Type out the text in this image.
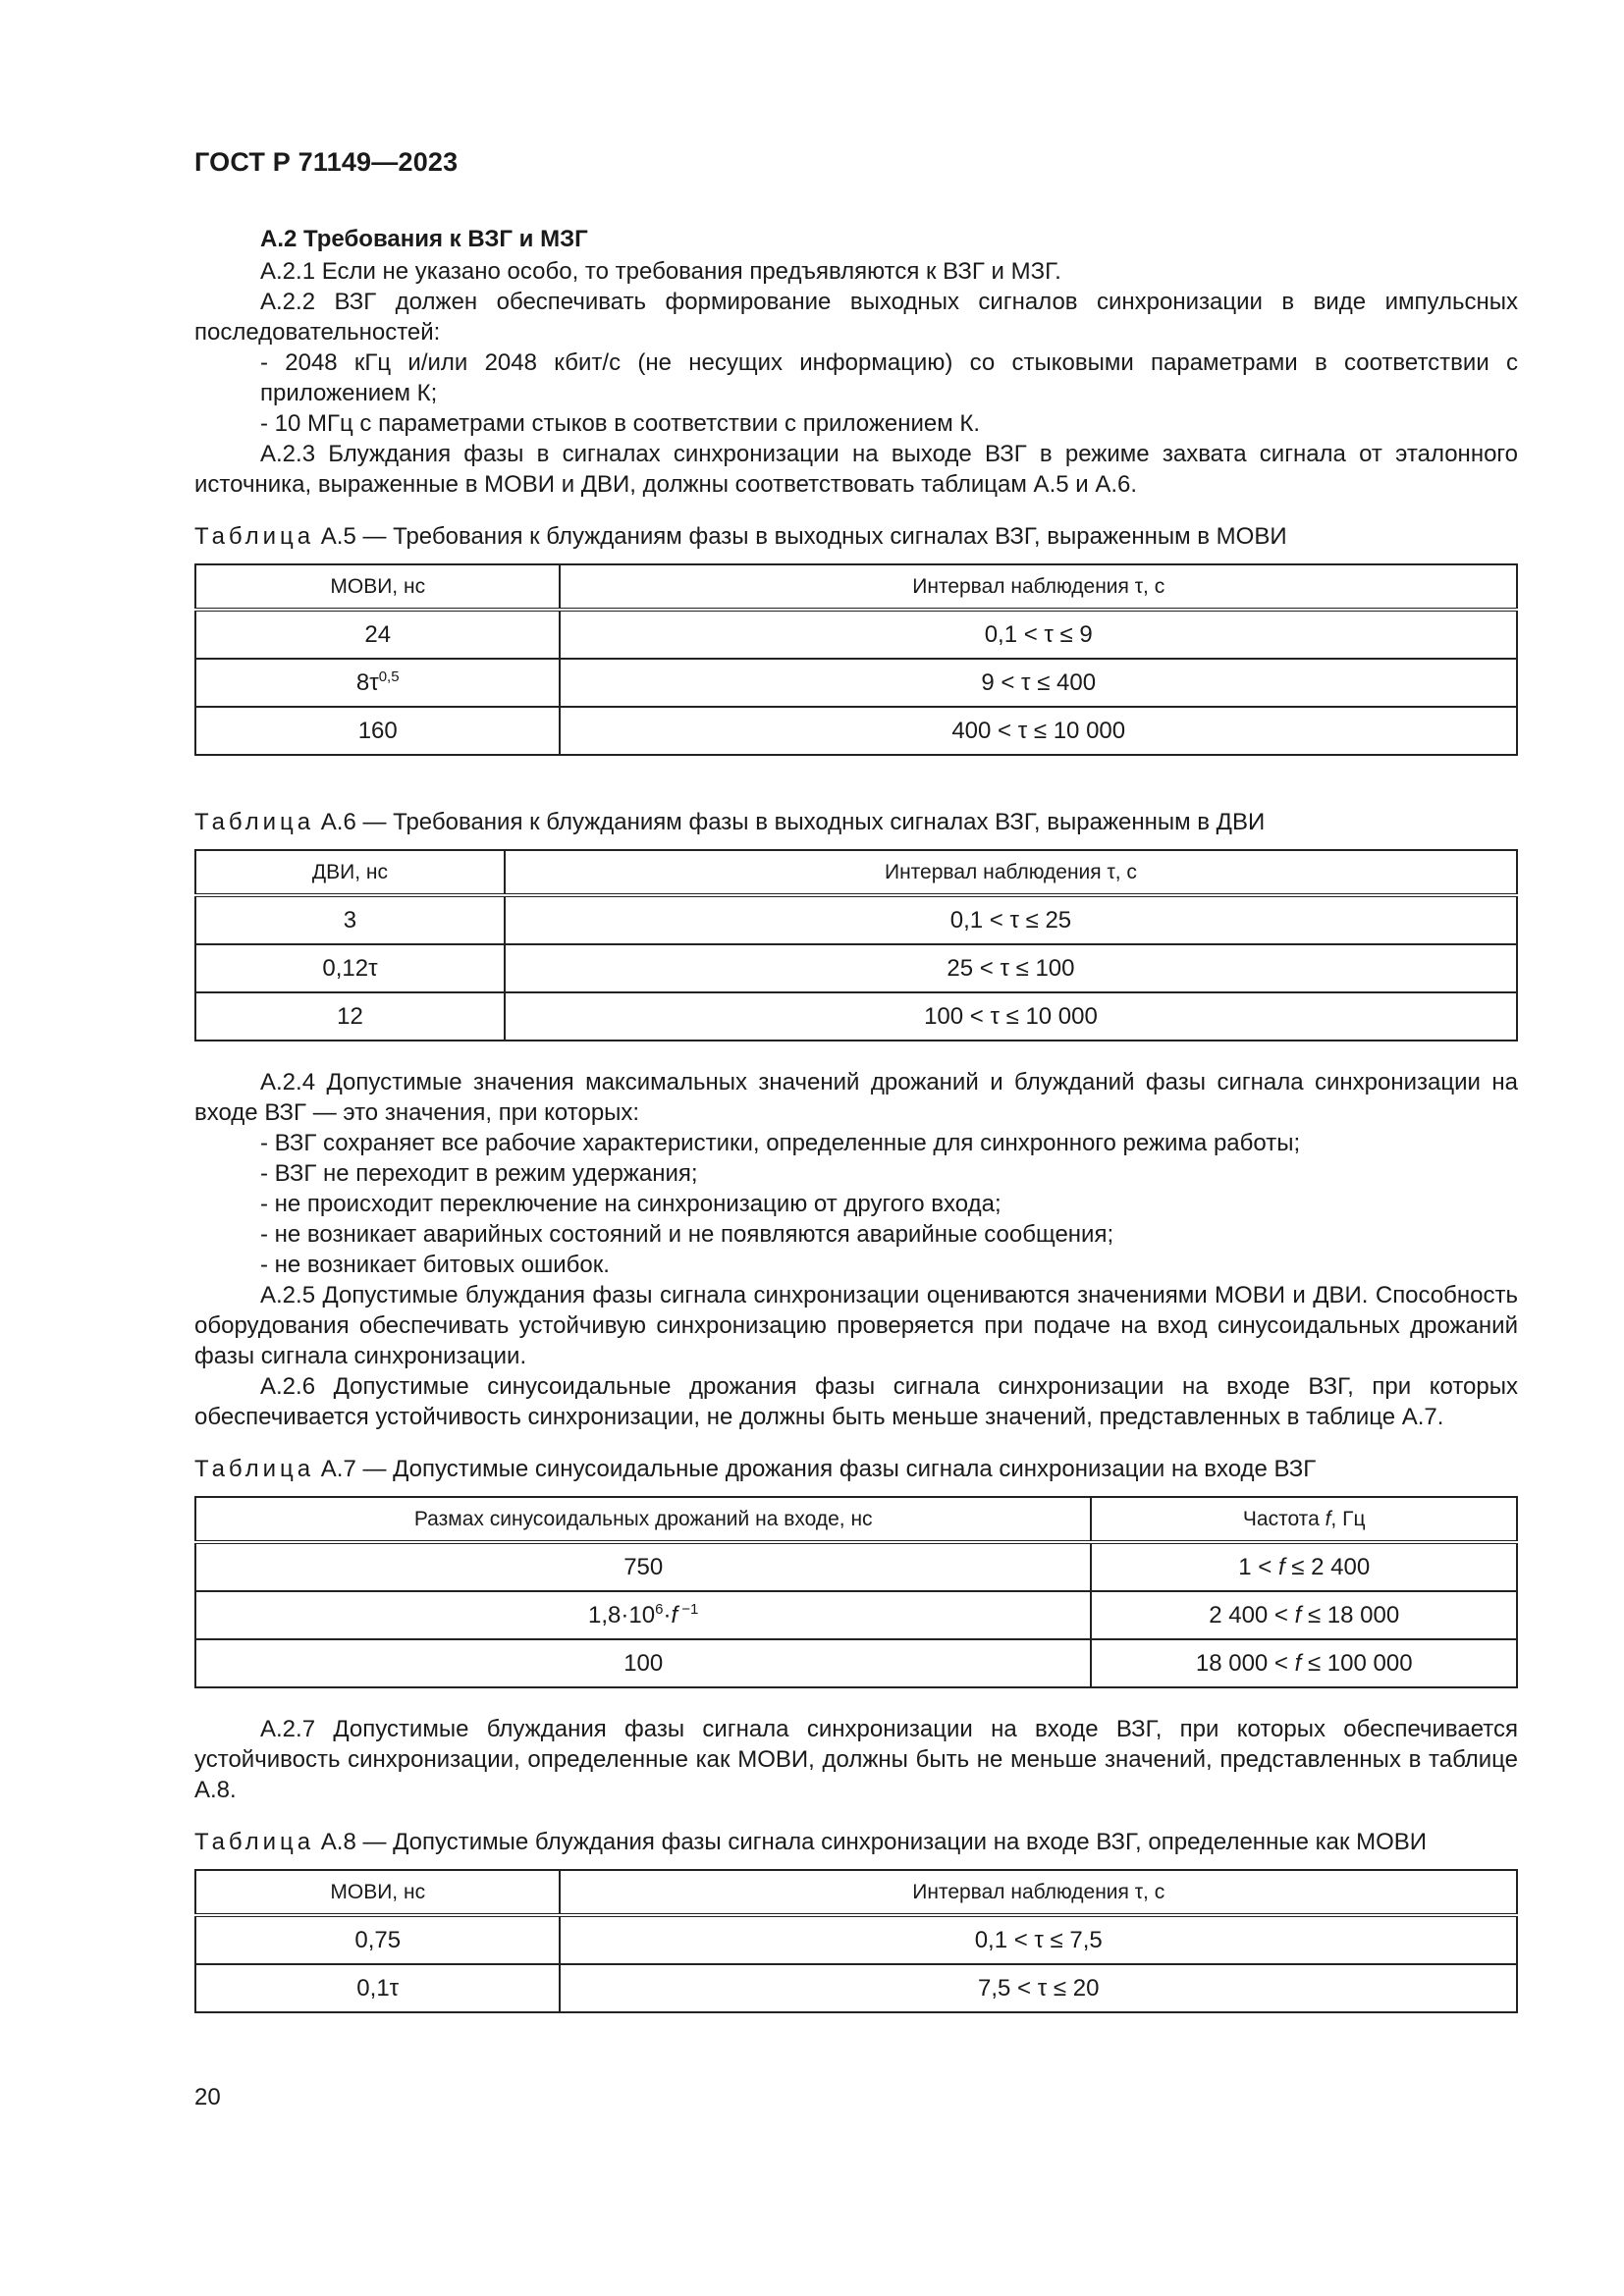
ГОСТ Р 71149—2023
А.2 Требования к ВЗГ и МЗГ

А.2.1 Если не указано особо, то требования предъявляются к ВЗГ и МЗГ.

А.2.2 ВЗГ должен обеспечивать формирование выходных сигналов синхронизации в виде импульсных последовательностей:

- 2048 кГц и/или 2048 кбит/с (не несущих информацию) со стыковыми параметрами в соответствии с приложением К;

- 10 МГц с параметрами стыков в соответствии с приложением К.

А.2.3 Блуждания фазы в сигналах синхронизации на выходе ВЗГ в режиме захвата сигнала от эталонного источника, выраженные в МОВИ и ДВИ, должны соответствовать таблицам А.5 и А.6.

Таблица А.5 — Требования к блужданиям фазы в выходных сигналах ВЗГ, выраженным в МОВИ

МОВИ, нс	Интервал наблюдения τ, с
24	0,1 < τ ≤ 9
$8\tau^{0,5}$	9 < τ ≤ 400
160	400 < τ ≤ 10 000

Таблица А.6 — Требования к блужданиям фазы в выходных сигналах ВЗГ, выраженным в ДВИ

ДВИ, нс	Интервал наблюдения τ, с
3	0,1 < τ ≤ 25
0,12τ	25 < τ ≤ 100
12	100 < τ ≤ 10 000

А.2.4 Допустимые значения максимальных значений дрожаний и блужданий фазы сигнала синхронизации на входе ВЗГ — это значения, при которых:

- ВЗГ сохраняет все рабочие характеристики, определенные для синхронного режима работы;

- ВЗГ не переходит в режим удержания;

- не происходит переключение на синхронизацию от другого входа;

- не возникает аварийных состояний и не появляются аварийные сообщения;

- не возникает битовых ошибок.

А.2.5 Допустимые блуждания фазы сигнала синхронизации оцениваются значениями МОВИ и ДВИ. Способность оборудования обеспечивать устойчивую синхронизацию проверяется при подаче на вход синусоидальных дрожаний фазы сигнала синхронизации.

А.2.6 Допустимые синусоидальные дрожания фазы сигнала синхронизации на входе ВЗГ, при которых обеспечивается устойчивость синхронизации, не должны быть меньше значений, представленных в таблице А.7.

Таблица А.7 — Допустимые синусоидальные дрожания фазы сигнала синхронизации на входе ВЗГ

Размах синусоидальных дрожаний на входе, нс	Частота f, Гц
750	1 < f ≤ 2 400
$1,8\cdot 10^6\cdot f$ $^{-1}$	2 400 < f ≤ 18 000
100	18 000 < f ≤ 100 000

А.2.7 Допустимые блуждания фазы сигнала синхронизации на входе ВЗГ, при которых обеспечивается устойчивость синхронизации, определенные как МОВИ, должны быть не меньше значений, представленных в таблице А.8.

Таблица А.8 — Допустимые блуждания фазы сигнала синхронизации на входе ВЗГ, определенные как МОВИ

МОВИ, нс	Интервал наблюдения τ, с
0,75	0,1 < τ ≤ 7,5
0,1τ	7,5 < τ ≤ 20
20
